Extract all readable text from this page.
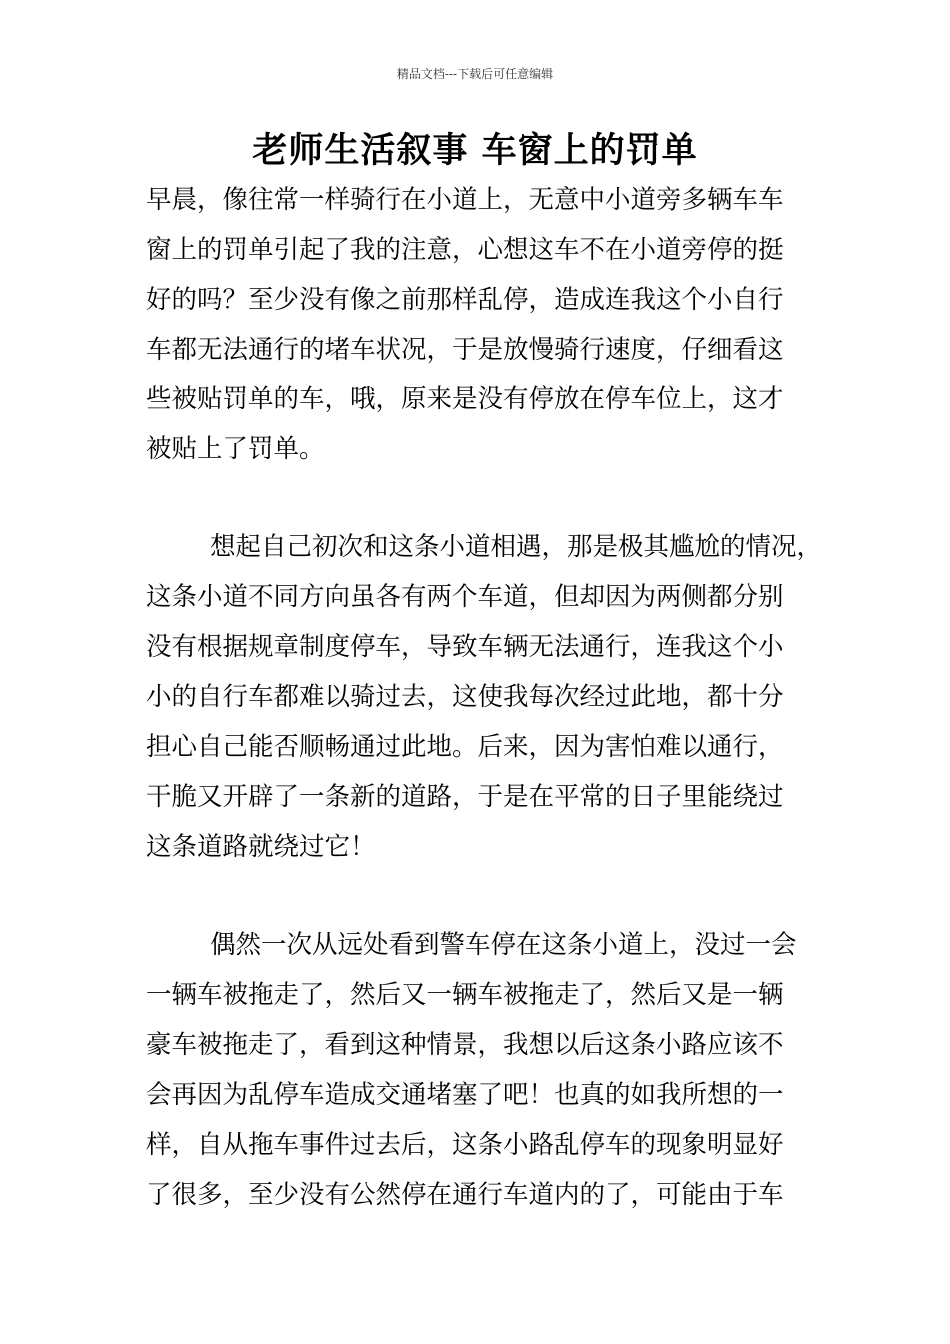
精品文档---下载后可任意编辑
老师生活叙事 车窗上的罚单
早晨，像往常一样骑行在小道上，无意中小道旁多辆车车
窗上的罚单引起了我的注意，心想这车不在小道旁停的挺
好的吗？至少没有像之前那样乱停，造成连我这个小自行
车都无法通行的堵车状况，于是放慢骑行速度，仔细看这
些被贴罚单的车，哦，原来是没有停放在停车位上，这才
被贴上了罚单。
想起自己初次和这条小道相遇，那是极其尴尬的情况，
这条小道不同方向虽各有两个车道，但却因为两侧都分别
没有根据规章制度停车，导致车辆无法通行，连我这个小
小的自行车都难以骑过去，这使我每次经过此地，都十分
担心自己能否顺畅通过此地。后来，因为害怕难以通行，
干脆又开辟了一条新的道路，于是在平常的日子里能绕过
这条道路就绕过它！
偶然一次从远处看到警车停在这条小道上，没过一会
一辆车被拖走了，然后又一辆车被拖走了，然后又是一辆
豪车被拖走了，看到这种情景，我想以后这条小路应该不
会再因为乱停车造成交通堵塞了吧！也真的如我所想的一
样，自从拖车事件过去后，这条小路乱停车的现象明显好
了很多，至少没有公然停在通行车道内的了，可能由于车
